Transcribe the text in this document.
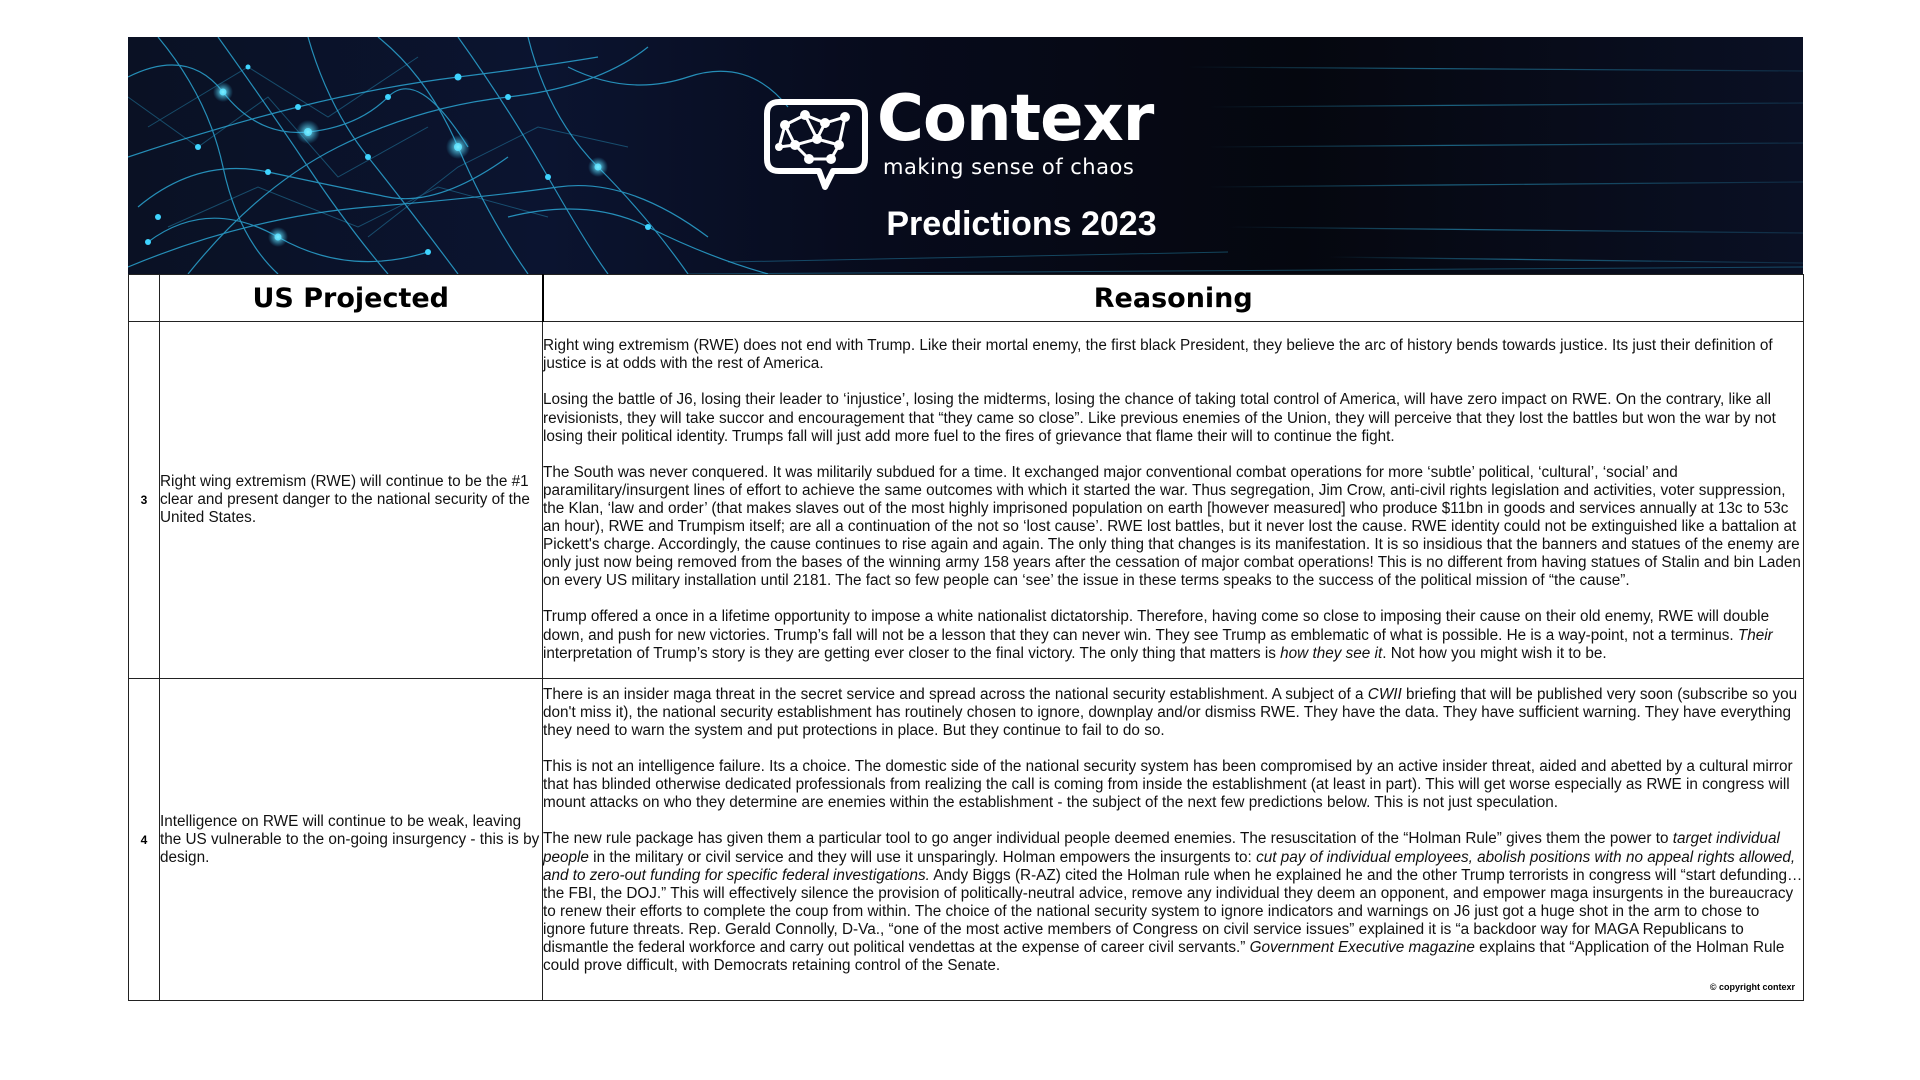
Contexr
making sense of chaos
Predictions 2023
	US Projected	Reasoning
3	Right wing extremism (RWE) will continue to be the #1 clear and present danger to the national security of the United States.	Right wing extremism (RWE) does not end with Trump. Like their mortal enemy, the first black President, they believe the arc of history bends towards justice. Its just their definition of justice is at odds with the rest of America.

Losing the battle of J6, losing their leader to ‘injustice’, losing the midterms, losing the chance of taking total control of America, will have zero impact on RWE. On the contrary, like all revisionists, they will take succor and encouragement that “they came so close”. Like previous enemies of the Union, they will perceive that they lost the battles but won the war by not losing their political identity. Trumps fall will just add more fuel to the fires of grievance that flame their will to continue the fight.

The South was never conquered. It was militarily subdued for a time. It exchanged major conventional combat operations for more ‘subtle’ political, ‘cultural’, ‘social’ and paramilitary/insurgent lines of effort to achieve the same outcomes with which it started the war. Thus segregation, Jim Crow, anti-civil rights legislation and activities, voter suppression, the Klan, ‘law and order’ (that makes slaves out of the most highly imprisoned population on earth [however measured] who produce $11bn in goods and services annually at 13c to 53c an hour), RWE and Trumpism itself; are all a continuation of the not so ‘lost cause’. RWE lost battles, but it never lost the cause. RWE identity could not be extinguished like a battalion at Pickett's charge. Accordingly, the cause continues to rise again and again. The only thing that changes is its manifestation. It is so insidious that the banners and statues of the enemy are only just now being removed from the bases of the winning army 158 years after the cessation of major combat operations! This is no different from having statues of Stalin and bin Laden on every US military installation until 2181. The fact so few people can ‘see’ the issue in these terms speaks to the success of the political mission of “the cause”.

Trump offered a once in a lifetime opportunity to impose a white nationalist dictatorship. Therefore, having come so close to imposing their cause on their old enemy, RWE will double down, and push for new victories. Trump’s fall will not be a lesson that they can never win. They see Trump as emblematic of what is possible. He is a way-point, not a terminus. Their interpretation of Trump’s story is they are getting ever closer to the final victory. The only thing that matters is how they see it. Not how you might wish it to be.

4	Intelligence on RWE will continue to be weak, leaving the US vulnerable to the on-going insurgency - this is by design.	There is an insider maga threat in the secret service and spread across the national security establishment. A subject of a CWII briefing that will be published very soon (subscribe so you don't miss it), the national security establishment has routinely chosen to ignore, downplay and/or dismiss RWE. They have the data. They have sufficient warning. They have everything they need to warn the system and put protections in place. But they continue to fail to do so.

This is not an intelligence failure. Its a choice. The domestic side of the national security system has been compromised by an active insider threat, aided and abetted by a cultural mirror that has blinded otherwise dedicated professionals from realizing the call is coming from inside the establishment (at least in part). This will get worse especially as RWE in congress will mount attacks on who they determine are enemies within the establishment - the subject of the next few predictions below. This is not just speculation.

The new rule package has given them a particular tool to go anger individual people deemed enemies. The resuscitation of the “Holman Rule” gives them the power to target individual people in the military or civil service and they will use it unsparingly. Holman empowers the insurgents to: cut pay of individual employees, abolish positions with no appeal rights allowed, and to zero-out funding for specific federal investigations. Andy Biggs (R-AZ) cited the Holman rule when he explained he and the other Trump terrorists in congress will “start defunding… the FBI, the DOJ.” This will effectively silence the provision of politically-neutral advice, remove any individual they deem an opponent, and empower maga insurgents in the bureaucracy to renew their efforts to complete the coup from within. The choice of the national security system to ignore indicators and warnings on J6 just got a huge shot in the arm to chose to ignore future threats. Rep. Gerald Connolly, D-Va., “one of the most active members of Congress on civil service issues” explained it is “a backdoor way for MAGA Republicans to dismantle the federal workforce and carry out political vendettas at the expense of career civil servants.” Government Executive magazine explains that “Application of the Holman Rule could prove difficult, with Democrats retaining control of the Senate.

© copyright contexr
